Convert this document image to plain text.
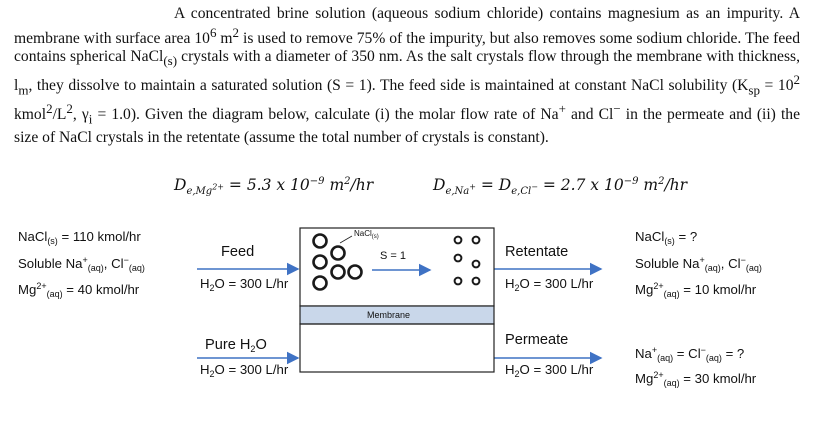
A concentrated brine solution (aqueous sodium chloride) contains magnesium as an impurity. A membrane with surface area $10^6$ $m^2$ is used to remove 75% of the impurity, but also removes some sodium chloride. The feed contains spherical NaCl$_{(s)}$ crystals with a diameter of 350 nm. As the salt crystals flow through the membrane with thickness, $l_m$, they dissolve to maintain a saturated solution (S = 1). The feed side is maintained at constant NaCl solubility ($K_{sp} = 10^2$ $kmol^2/L^2$, $\gamma_i = 1.0$). Given the diagram below, calculate (i) the molar flow rate of Na+ and Cl− in the permeate and (ii) the size of NaCl crystals in the retentate (assume the total number of crystals is constant).
$D_{e,Mg^{2+}} = 5.3$ x $10^{-9}$ $m^2/hr$	$D_{e,Na^+} = D_{e,Cl^-} = 2.7$ x $10^{-9}$ $m^2/hr$
NaCl$_{(s)}$
S = 1
Membrane
NaCl$_{(s)}$ = 110 kmol/hr
Soluble $Na^+_{(aq)}$, $Cl^-_{(aq)}$
$Mg^{2+}_{(aq)} = 40$ kmol/hr
Feed
$H_2O = 300$ L/hr
Pure $H_2O$
$H_2O = 300$ L/hr
Retentate
$H_2O = 300$ L/hr
NaCl$_{(s)}$ = ?
Soluble $Na^+_{(aq)}$, $Cl^-_{(aq)}$
$Mg^{2+}_{(aq)} = 10$ kmol/hr
Permeate
$H_2O = 300$ L/hr
$Na^+_{(aq)} = Cl^-_{(aq)}$ = ?
$Mg^{2+}_{(aq)} = 30$ kmol/hr
